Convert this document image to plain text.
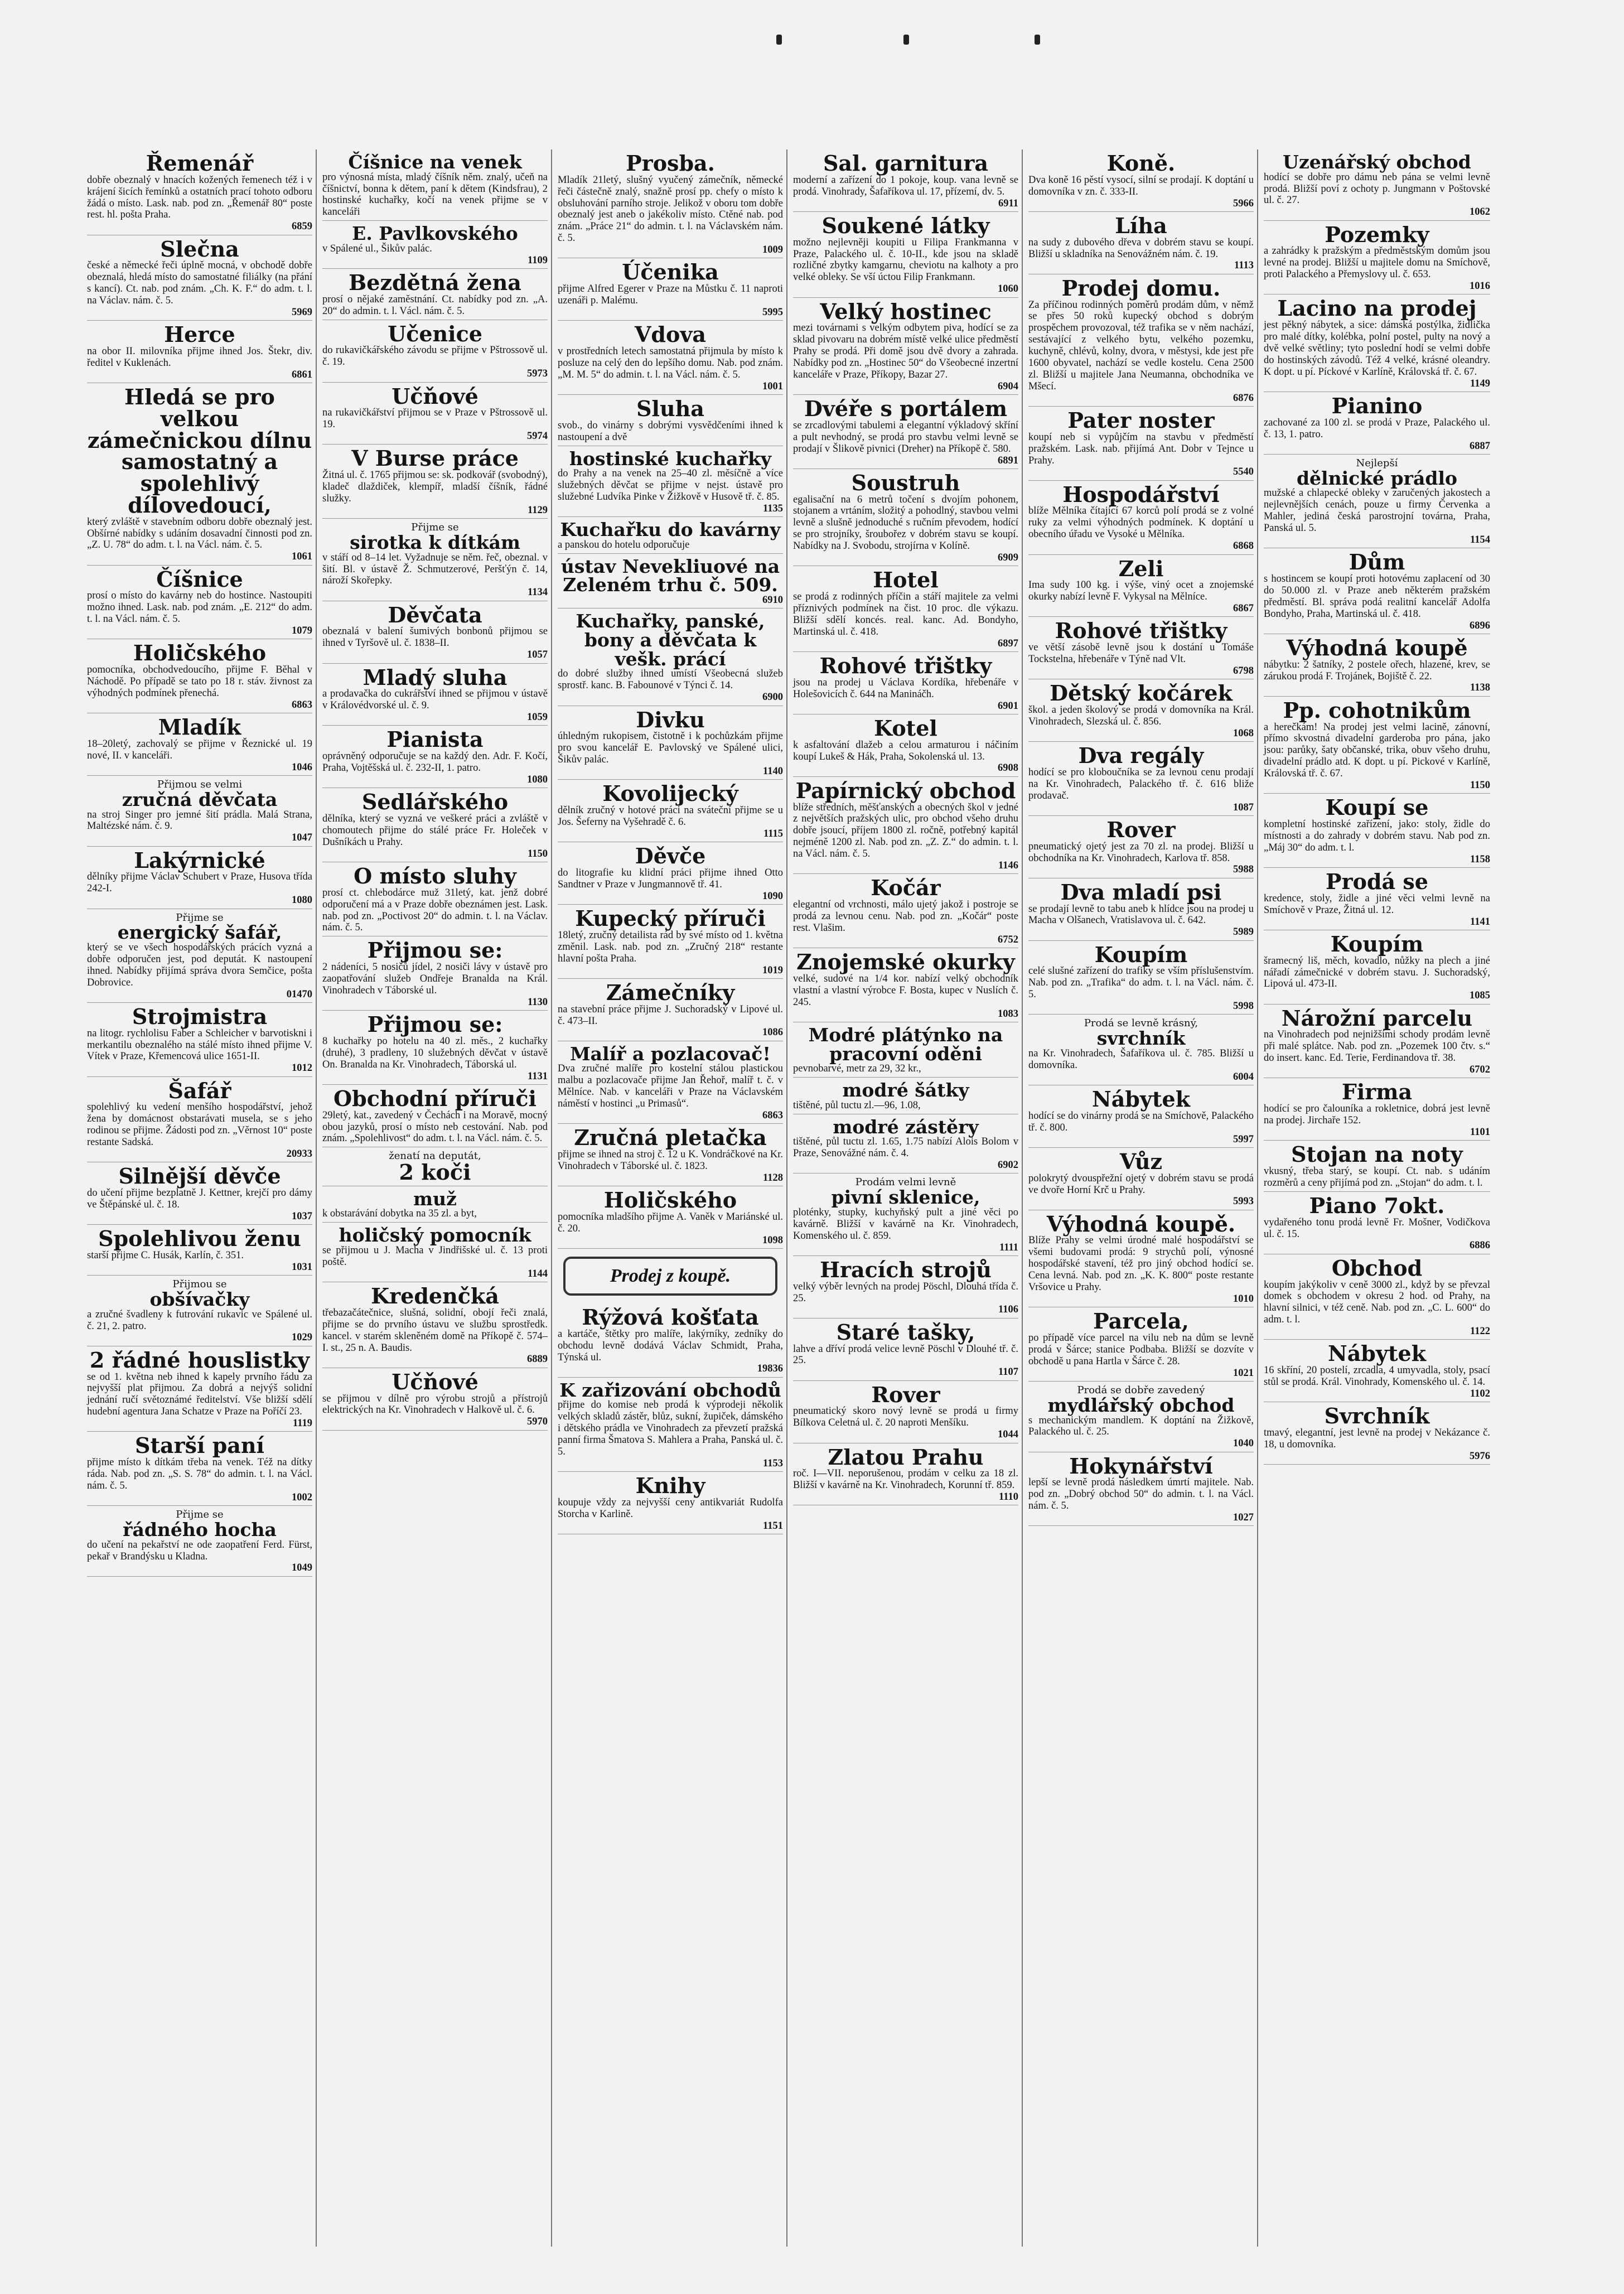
Řemenář

dobře obeznalý v hnacích kožených řemenech též i v krájení šicích řemínků a ostatních prací tohoto odboru žádá o místo. Lask. nab. pod zn. „Řemenář 80“ poste rest. hl. pošta Praha.

6859
Slečna

české a německé řeči úplně mocná, v obchodě dobře obeznalá, hledá místo do samostatné filiálky (na přání s kancí). Ct. nab. pod znám. „Ch. K. F.“ do adm. t. l. na Václav. nám. č. 5.

5969
Herce

na obor II. milovníka přijme ihned Jos. Štekr, div. ředitel v Kuklenách.

6861
Hledá se pro velkou zámečnickou dílnu samostatný a spolehlivý dílovedoucí,

který zvláště v stavebním odboru dobře obeznalý jest. Obšírné nabídky s udáním dosavadní činnosti pod zn. „Z. U. 78“ do adm. t. l. na Václ. nám. č. 5.

1061
Číšnice

prosí o místo do kavárny neb do hostince. Nastoupiti možno ihned. Lask. nab. pod znám. „E. 212“ do adm. t. l. na Václ. nám. č. 5.

1079
Holičského

pomocníka, obchodvedoucího, přijme F. Běhal v Náchodě. Po případě se tato po 18 r. stáv. živnost za výhodných podmínek přenechá.

6863
Mladík

18–20letý, zachovalý se přijme v Řeznické ul. 19 nové, II. v kanceláři.

1046
Přijmou se velmi
zručná děvčata

na stroj Singer pro jemné šití prádla. Malá Strana, Maltézské nám. č. 9.

1047
Lakýrnické

dělníky přijme Václav Schubert v Praze, Husova třída 242-I.

1080
Přijme se
energický šafář,

který se ve všech hospodářských prácích vyzná a dobře odporučen jest, pod deputát. K nastoupení ihned. Nabídky přijímá správa dvora Semčice, pošta Dobrovice.

01470
Strojmistra

na litogr. rychlolisu Faber a Schleicher v barvotiskni i merkantilu obeznalého na stálé místo ihned přijme V. Vítek v Praze, Křemencová ulice 1651-II.

1012
Šafář

spolehlivý ku vedení menšího hospodářství, jehož žena by domácnost obstarávati musela, se s jeho rodinou se přijme. Žádosti pod zn. „Věrnost 10“ poste restante Sadská.

20933
Silnější děvče

do učení přijme bezplatně J. Kettner, krejčí pro dámy ve Štěpánské ul. č. 18.

1037
Spolehlivou ženu

starší přijme C. Husák, Karlín, č. 351.

1031
Přijmou se
obšívačky

a zručné švadleny k futrování rukavic ve Spálené ul. č. 21, 2. patro.

1029
2 řádné houslistky

se od 1. května neb ihned k kapely prvního řádu za nejvyšší plat přijmou. Za dobrá a nejvýš solidní jednání ručí světoznámé ředitelství. Vše bližší sdělí hudební agentura Jana Schatze v Praze na Poříčí 23.

1119
Starší paní

přijme místo k dítkám třeba na venek. Též na dítky ráda. Nab. pod zn. „S. S. 78“ do admin. t. l. na Václ. nám. č. 5.

1002
Přijme se
řádného hocha

do učení na pekařství ne ode zaopatření Ferd. Fürst, pekař v Brandýsku u Kladna.

1049
Číšnice na venek

pro výnosná místa, mladý číšník něm. znalý, učeň na číšnictví, bonna k dětem, paní k dětem (Kindsfrau), 2 hostinské kuchařky, kočí na venek přijme se v kanceláři

E. Pavlkovského

v Spálené ul., Šikův palác.

1109
Bezdětná žena

prosí o nějaké zaměstnání. Ct. nabídky pod zn. „A. 20“ do admin. t. l. Václ. nám. č. 5.

Učenice

do rukavičkářského závodu se přijme v Pštrossově ul. č. 19.

5973
Učňové

na rukavičkářství přijmou se v Praze v Pštrossově ul. 19.

5974
V Burse práce

Žitná ul. č. 1765 přijmou se: sk. podkovář (svobodný), kladeč dlaždiček, klempíř, mladší číšník, řádné služky.

1129
Přijme se
sirotka k dítkám

v stáří od 8–14 let. Vyžadnuje se něm. řeč, obeznal. v šití. Bl. v ústavě Ž. Schmutzerové, Peršťýn č. 14, nároží Skořepky.

1134
Děvčata

obeznalá v balení šumivých bonbonů přijmou se ihned v Tyršově ul. č. 1838–II.

1057
Mladý sluha

a prodavačka do cukrářství ihned se přijmou v ústavě v Královédvorské ul. č. 9.

1059
Pianista

oprávněný odporučuje se na každý den. Adr. F. Kočí, Praha, Vojtěšská ul. č. 232-II, 1. patro.

1080
Sedlářského

dělníka, který se vyzná ve veškeré práci a zvláště v chomoutech přijme do stálé práce Fr. Holeček v Dušníkách u Prahy.

1150
O místo sluhy

prosí ct. chlebodárce muž 31letý, kat. jenž dobré odporučení má a v Praze dobře obeznámen jest. Lask. nab. pod zn. „Poctivost 20“ do admin. t. l. na Václav. nám. č. 5.

Přijmou se:

2 nádeníci, 5 nosičů jídel, 2 nosiči lávy v ústavě pro zaopatřování služeb Ondřeje Branalda na Král. Vinohradech v Táborské ul.

1130
Přijmou se:

8 kuchařky po hotelu na 40 zl. měs., 2 kuchařky (druhé), 3 pradleny, 10 služebných děvčat v ústavě On. Branalda na Kr. Vinohradech, Táborská ul.

1131
Obchodní příruči

29letý, kat., zavedený v Čechách i na Moravě, mocný obou jazyků, prosí o místo neb cestování. Nab. pod znám. „Spolehlivost“ do adm. t. l. na Václ. nám. č. 5.

ženatí na deputát,
2 koči
muž

k obstarávání dobytka na 35 zl. a byt,

holičský pomocník

se přijmou u J. Macha v Jindřišské ul. č. 13 proti poště.

1144
Kredenčká

třebazačátečnice, slušná, solidní, obojí řeči znalá, přijme se do prvního ústavu ve službu sprostředk. kancel. v starém skleněném domě na Příkopě č. 574–I. st., 25 n. A. Baudis.

6889
Učňové

se přijmou v dílně pro výrobu strojů a přístrojů elektrických na Kr. Vinohradech v Halkově ul. č. 6.

5970
Prosba.

Mladík 21letý, slušný vyučený zámečník, německé řeči částečně znalý, snažně prosí pp. chefy o místo k obsluhování parního stroje. Jelikož v oboru tom dobře obeznalý jest aneb o jakékoliv místo. Ctěné nab. pod znám. „Práce 21“ do admin. t. l. na Václavském nám. č. 5.

1009
Účenika

přijme Alfred Egerer v Praze na Můstku č. 11 naproti uzenáři p. Malému.

5995
Vdova

v prostředních letech samostatná přijmula by místo k posluze na celý den do lepšího domu. Nab. pod znám. „M. M. 5“ do admin. t. l. na Václ. nám. č. 5.

1001
Sluha

svob., do vinárny s dobrými vysvědčeními ihned k nastoupení a dvě

hostinské kuchařky

do Prahy a na venek na 25–40 zl. měsíčně a více služebných děvčat se přijme v nejst. ústavě pro služebné Ludvíka Pinke v Žižkově v Husově tř. č. 85.

1135
Kuchařku do kavárny

a panskou do hotelu odporučuje

ústav Nevekliuové na Zeleném trhu č. 509.
6910
Kuchařky, panské, bony a děvčata k vešk. prácí

do dobré služby ihned umístí Všeobecná služeb sprostř. kanc. B. Fabounové v Týnci č. 14.

6900
Divku

úhledným rukopisem, čistotně i k pochůzkám přijme pro svou kancelář E. Pavlovský ve Spálené ulici, Šikův palác.

1140
Kovolijecký

dělník zručný v hotové práci na sváteční přijme se u Jos. Šeferny na Vyšehradě č. 6.

1115
Děvče

do litografie ku klidní práci přijme ihned Otto Sandtner v Praze v Jungmannově tř. 41.

1090
Kupecký příruči

18letý, zručný detailista rád by své místo od 1. května změnil. Lask. nab. pod zn. „Zručný 218“ restante hlavní pošta Praha.

1019
Zámečníky

na stavební práce přijme J. Suchoradský v Lipové ul. č. 473–II.

1086
Malíř a pozlacovač!

Dva zručné malíře pro kostelní stálou plastickou malbu a pozlacovače přijme Jan Řehoř, malíř t. č. v Mělníce. Nab. v kanceláři v Praze na Václavském náměstí v hostinci „u Primasů“.

6863
Zručná pletačka

přijme se ihned na stroj č. 12 u K. Vondráčkové na Kr. Vinohradech v Táborské ul. č. 1823.

1128
Holičského

pomocníka mladšího přijme A. Vaněk v Mariánské ul. č. 20.

1098
Prodej z koupě.
Rýžová košťata

a kartáče, štětky pro malíře, lakýrníky, zedníky do obchodu levně dodává Václav Schmidt, Praha, Týnská ul.

19836
K zařizování obchodů

přijme do komise neb prodá k výprodeji několik velkých skladů zástěr, blůz, sukní, župiček, dámského i dětského prádla ve Vinohradech za převzetí pražská panní firma Šmatova S. Mahlera a Praha, Panská ul. č. 5.

1153
Knihy

koupuje vždy za nejvyšší ceny antikvariát Rudolfa Storcha v Karlině.

1151
Sal. garnitura

moderní a zařízení do 1 pokoje, koup. vana levně se prodá. Vinohrady, Šafaříkova ul. 17, přízemí, dv. 5.

6911
Soukené látky

možno nejlevněji koupiti u Filipa Frankmanna v Praze, Palackého ul. č. 10-II., kde jsou na skladě rozličné zbytky kamgarnu, cheviotu na kalhoty a pro velké obleky. Se vší úctou Filip Frankmann.

1060
Velký hostinec

mezi továrnami s velkým odbytem piva, hodící se za sklad pivovaru na dobrém místě velké ulice předměstí Prahy se prodá. Při domě jsou dvě dvory a zahrada. Nabídky pod zn. „Hostinec 50“ do Všeobecné inzertní kanceláře v Praze, Příkopy, Bazar 27.

6904
Dvéře s portálem

se zrcadlovými tabulemi a elegantní výkladový skříní a pult nevhodný, se prodá pro stavbu velmi levně se prodají v Šlikově pivnici (Dreher) na Příkopě č. 580.

6891
Soustruh

egalisační na 6 metrů točení s dvojím pohonem, stojanem a vrtáním, složitý a pohodlný, stavbou velmi levně a slušně jednoduché s ručním převodem, hodící se pro strojníky, šroubořez v dobrém stavu se koupí. Nabídky na J. Svobodu, strojírna v Kolíně.

6909
Hotel

se prodá z rodinných příčin a stáří majitele za velmi příznivých podmínek na čist. 10 proc. dle výkazu. Bližší sdělí koncés. real. kanc. Ad. Bondyho, Martinská ul. č. 418.

6897
Rohové třištky

jsou na prodej u Václava Kordíka, hřebenáře v Holešovicích č. 644 na Manináčh.

6901
Kotel

k asfaltování dlažeb a celou armaturou i náčiním koupí Lukeš & Hák, Praha, Sokolenská ul. 13.

6908
Papírnický obchod

blíže středních, měšťanských a obecných škol v jedné z největších pražských ulic, pro obchod všeho druhu dobře jsoucí, příjem 1800 zl. ročně, potřebný kapitál nejméně 1200 zl. Nab. pod zn. „Z. Z.“ do admin. t. l. na Václ. nám. č. 5.

1146
Kočár

elegantní od vrchnosti, málo ujetý jakož i postroje se prodá za levnou cenu. Nab. pod zn. „Kočár“ poste rest. Vlašim.

6752
Znojemské okurky

velké, sudové na 1/4 kor. nabízí velký obchodník vlastní a vlastní výrobce F. Bosta, kupec v Nuslích č. 245.

1083
Modré plátýnko na pracovní oděni

pevnobarvé, metr za 29, 32 kr.,

modré šátky

tištěné, půl tuctu zl.—96, 1.08,

modré zástěry

tištěné, půl tuctu zl. 1.65, 1.75 nabízí Alois Bolom v Praze, Senovážné nám. č. 4.

6902
Prodám velmi levně
pivní sklenice,

ploténky, stupky, kuchyňský pult a jiné věci po kavárně. Bližší v kavárně na Kr. Vinohradech, Komenského ul. č. 859.

1111
Hracích strojů

velký výběr levných na prodej Pöschl, Dlouhá třída č. 25.

1106
Staré tašky,

lahve a dříví prodá velice levně Pöschl v Dlouhé tř. č. 25.

1107
Rover

pneumatický skoro nový levně se prodá u firmy Bílkova Celetná ul. č. 20 naproti Menšíku.

1044
Zlatou Prahu

roč. I—VII. neporušenou, prodám v celku za 18 zl. Bližší v kavárně na Kr. Vinohradech, Korunní tř. 859.

1110
Koně.

Dva koně 16 pěstí vysocí, silní se prodají. K doptání u domovníka v zn. č. 333-II.

5966
Líha

na sudy z dubového dřeva v dobrém stavu se koupí. Bližší u skladníka na Senovážném nám. č. 19.

1113
Prodej domu.

Za příčinou rodinných poměrů prodám dům, v němž se přes 50 roků kupecký obchod s dobrým prospěchem provozoval, též trafika se v něm nachází, sestávající z velkého bytu, velkého pozemku, kuchyně, chlévů, kolny, dvora, v městysi, kde jest pře 1600 obyvatel, nachází se vedle kostelu. Cena 2500 zl. Bližší u majitele Jana Neumanna, obchodníka ve Mšecí.

6876
Pater noster

koupí neb si vypůjčím na stavbu v předměstí pražském. Lask. nab. přijímá Ant. Dobr v Tejnce u Prahy.

5540
Hospodářství

blíže Mělníka čítající 67 korců polí prodá se z volné ruky za velmi výhodných podmínek. K doptání u obecního úřadu ve Vysoké u Mělníka.

6868
Zeli

Ima sudy 100 kg. i výše, viný ocet a znojemské okurky nabízí levně F. Vykysal na Mělníce.

6867
Rohové třištky

ve větší zásobě levně jsou k dostání u Tomáše Tockstelna, hřebenáře v Týně nad Vlt.

6798
Dětský kočárek

škol. a jeden školový se prodá v domovníka na Král. Vinohradech, Slezská ul. č. 856.

1068
Dva regály

hodící se pro kloboučníka se za levnou cenu prodají na Kr. Vinohradech, Palackého tř. č. 616 bliže prodavač.

1087
Rover

pneumatický ojetý jest za 70 zl. na prodej. Bližší u obchodníka na Kr. Vinohradech, Karlova tř. 858.

5988
Dva mladí psi

se prodají levně to tabu aneb k hlídce jsou na prodej u Macha v Olšanech, Vratislavova ul. č. 642.

5989
Koupím

celé slušné zařízení do trafiky se vším příslušenstvím. Nab. pod zn. „Trafika“ do adm. t. l. na Václ. nám. č. 5.

5998
Prodá se levně krásný,
svrchník

na Kr. Vinohradech, Šafaříkova ul. č. 785. Bližší u domovníka.

6004
Nábytek

hodící se do vinárny prodá se na Smíchově, Palackého tř. č. 800.

5997
Vůz

polokrytý dvouspřežní ojetý v dobrém stavu se prodá ve dvoře Horní Krč u Prahy.

5993
Výhodná koupě.

Blíže Prahy se velmi úrodné malé hospodářství se všemi budovami prodá: 9 strychů polí, výnosné hospodářské stavení, též pro jiný obchod hodící se. Cena levná. Nab. pod zn. „K. K. 800“ poste restante Vršovice u Prahy.

1010
Parcela,

po případě více parcel na vilu neb na dům se levně prodá v Šárce; stanice Podbaba. Bližší se dozvíte v obchodě u pana Hartla v Šárce č. 28.

1021
Prodá se dobře zavedený
mydlářský obchod

s mechanickým mandlem. K doptání na Žižkově, Palackého ul. č. 25.

1040
Hokynářství

lepší se levně prodá následkem úmrtí majitele. Nab. pod zn. „Dobrý obchod 50“ do admin. t. l. na Václ. nám. č. 5.

1027
Uzenářský obchod

hodící se dobře pro dámu neb pána se velmi levně prodá. Bližší poví z ochoty p. Jungmann v Poštovské ul. č. 27.

1062
Pozemky

a zahrádky k pražským a předměstským domům jsou levné na prodej. Bližší u majitele domu na Smíchově, proti Palackého a Přemyslovy ul. č. 653.

1016
Lacino na prodej

jest pěkný nábytek, a sice: dámská postýlka, židlička pro malé dítky, kolébka, polní postel, pulty na nový a dvě velké světliny; tyto poslední hodí se velmi dobře do hostinských závodů. Též 4 velké, krásné oleandry. K dopt. u pí. Píckové v Karlíně, Královská tř. č. 67.

1149
Pianino

zachované za 100 zl. se prodá v Praze, Palackého ul. č. 13, 1. patro.

6887
Nejlepší
dělnické prádlo

mužské a chlapecké obleky v zaručených jakostech a nejlevnějších cenách, pouze u firmy Červenka a Mahler, jediná česká parostrojní továrna, Praha, Panská ul. 5.

1154
Dům

s hostincem se koupí proti hotovému zaplacení od 30 do 50.000 zl. v Praze aneb některém pražském předměstí. Bl. správa podá realitní kancelář Adolfa Bondyho, Praha, Martinská ul. č. 418.

6896
Výhodná koupě

nábytku: 2 šatníky, 2 postele ořech, hlazené, krev, se zárukou prodá F. Trojánek, Bojiště č. 22.

1138
Pp. cohotnikům

a herečkám! Na prodej jest velmi lacině, zánovní, přímo skvostná divadelní garderoba pro pána, jako jsou: parůky, šaty občanské, trika, obuv všeho druhu, divadelní prádlo atd. K dopt. u pí. Pickové v Karlíně, Královská tř. č. 67.

1150
Koupí se

kompletní hostinské zařízení, jako: stoly, židle do místnosti a do zahrady v dobrém stavu. Nab pod zn. „Máj 30“ do adm. t. l.

1158
Prodá se

kredence, stoly, židle a jiné věci velmi levně na Smíchově v Praze, Žitná ul. 12.

1141
Koupím

šramecný liš, měch, kovadlo, nůžky na plech a jiné nářadí zámečnické v dobrém stavu. J. Suchoradský, Lipová ul. 473-II.

1085
Nárožní parcelu

na Vinohradech pod nejnižšími schody prodám levně při malé splátce. Nab. pod zn. „Pozemek 100 čtv. s.“ do insert. kanc. Ed. Terie, Ferdinandova tř. 38.

6702
Firma

hodící se pro čalouníka a rokletnice, dobrá jest levně na prodej. Jirchaře 152.

1101
Stojan na noty

vkusný, třeba starý, se koupí. Ct. nab. s udáním rozměrů a ceny přijímá pod zn. „Stojan“ do adm. t. l.

Piano 7okt.

vydařeného tonu prodá levně Fr. Mošner, Vodičkova ul. č. 15.

6886
Obchod

koupím jakýkoliv v ceně 3000 zl., když by se převzal domek s obchodem v okresu 2 hod. od Prahy, na hlavní silnici, v též ceně. Nab. pod zn. „C. L. 600“ do adm. t. l.

1122
Nábytek

16 skříní, 20 postelí, zrcadla, 4 umyvadla, stoly, psací stůl se prodá. Král. Vinohrady, Komenského ul. č. 14.

1102
Svrchník

tmavý, elegantní, jest levně na prodej v Nekázance č. 18, u domovníka.

5976
